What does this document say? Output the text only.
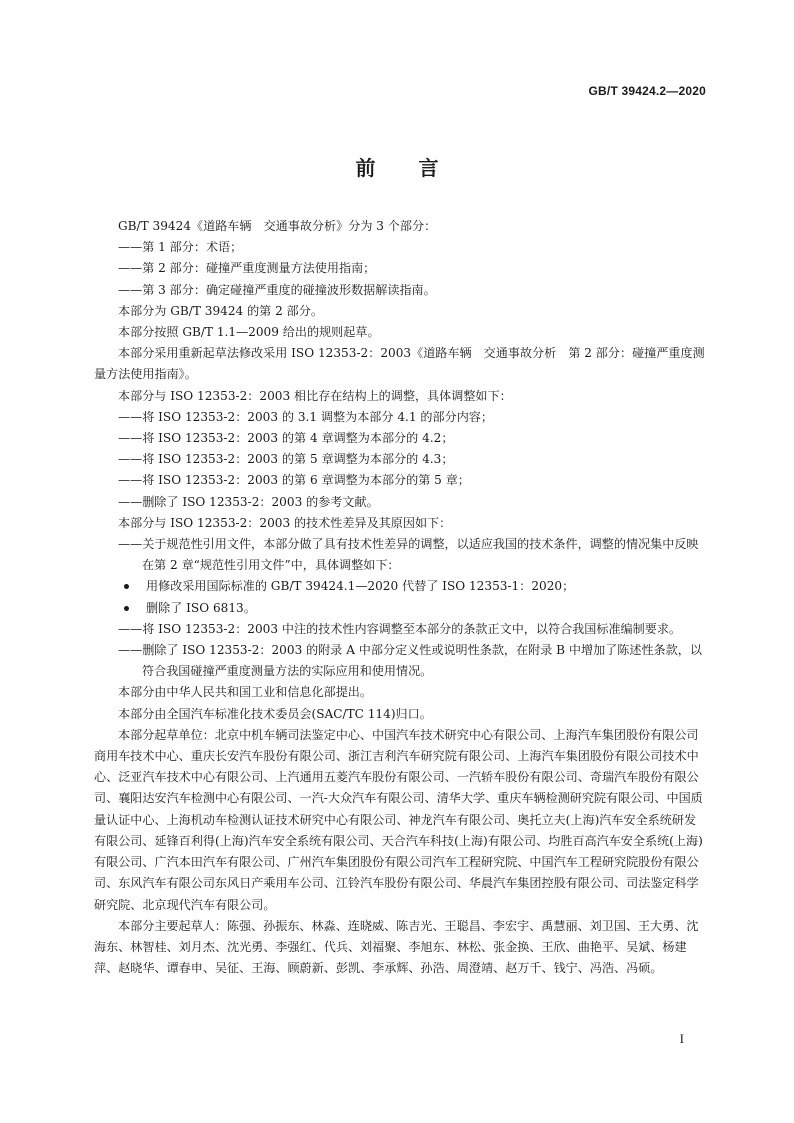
GB/T 39424.2—2020
前 言

GB/T 39424《道路车辆　交通事故分析》分为 3 个部分：

——第 1 部分：术语；

——第 2 部分：碰撞严重度测量方法使用指南；

——第 3 部分：确定碰撞严重度的碰撞波形数据解读指南。

本部分为 GB/T 39424 的第 2 部分。

本部分按照 GB/T 1.1—2009 给出的规则起草。

本部分采用重新起草法修改采用 ISO 12353-2：2003《道路车辆　交通事故分析　第 2 部分：碰撞严重度测量方法使用指南》。

本部分与 ISO 12353-2：2003 相比存在结构上的调整，具体调整如下：

——将 ISO 12353-2：2003 的 3.1 调整为本部分 4.1 的部分内容；

——将 ISO 12353-2：2003 的第 4 章调整为本部分的 4.2；

——将 ISO 12353-2：2003 的第 5 章调整为本部分的 4.3；

——将 ISO 12353-2：2003 的第 6 章调整为本部分的第 5 章；

——删除了 ISO 12353-2：2003 的参考文献。

本部分与 ISO 12353-2：2003 的技术性差异及其原因如下：

——关于规范性引用文件，本部分做了具有技术性差异的调整，以适应我国的技术条件，调整的情况集中反映在第 2 章“规范性引用文件”中，具体调整如下：

用修改采用国际标准的 GB/T 39424.1—2020 代替了 ISO 12353-1：2020；

删除了 ISO 6813。

——将 ISO 12353-2：2003 中注的技术性内容调整至本部分的条款正文中，以符合我国标准编制要求。

——删除了 ISO 12353-2：2003 的附录 A 中部分定义性或说明性条款，在附录 B 中增加了陈述性条款，以符合我国碰撞严重度测量方法的实际应用和使用情况。

本部分由中华人民共和国工业和信息化部提出。

本部分由全国汽车标准化技术委员会(SAC/TC 114)归口。

本部分起草单位：北京中机车辆司法鉴定中心、中国汽车技术研究中心有限公司、上海汽车集团股份有限公司商用车技术中心、重庆长安汽车股份有限公司、浙江吉利汽车研究院有限公司、上海汽车集团股份有限公司技术中心、泛亚汽车技术中心有限公司、上汽通用五菱汽车股份有限公司、一汽轿车股份有限公司、奇瑞汽车股份有限公司、襄阳达安汽车检测中心有限公司、一汽-大众汽车有限公司、清华大学、重庆车辆检测研究院有限公司、中国质量认证中心、上海机动车检测认证技术研究中心有限公司、神龙汽车有限公司、奥托立夫(上海)汽车安全系统研发有限公司、延锋百利得(上海)汽车安全系统有限公司、天合汽车科技(上海)有限公司、均胜百高汽车安全系统(上海)有限公司、广汽本田汽车有限公司、广州汽车集团股份有限公司汽车工程研究院、中国汽车工程研究院股份有限公司、东风汽车有限公司东风日产乘用车公司、江铃汽车股份有限公司、华晨汽车集团控股有限公司、司法鉴定科学研究院、北京现代汽车有限公司。

本部分主要起草人：陈强、孙振东、林淼、连晓威、陈吉光、王聪昌、李宏宇、禹慧丽、刘卫国、王大勇、沈海东、林智桂、刘月杰、沈光勇、李强红、代兵、刘福聚、李旭东、林松、张金换、王欣、曲艳平、吴斌、杨建萍、赵晓华、谭春申、吴征、王海、顾蔚新、彭凯、李承辉、孙浩、周澄靖、赵万千、钱宁、冯浩、冯硕。

I
